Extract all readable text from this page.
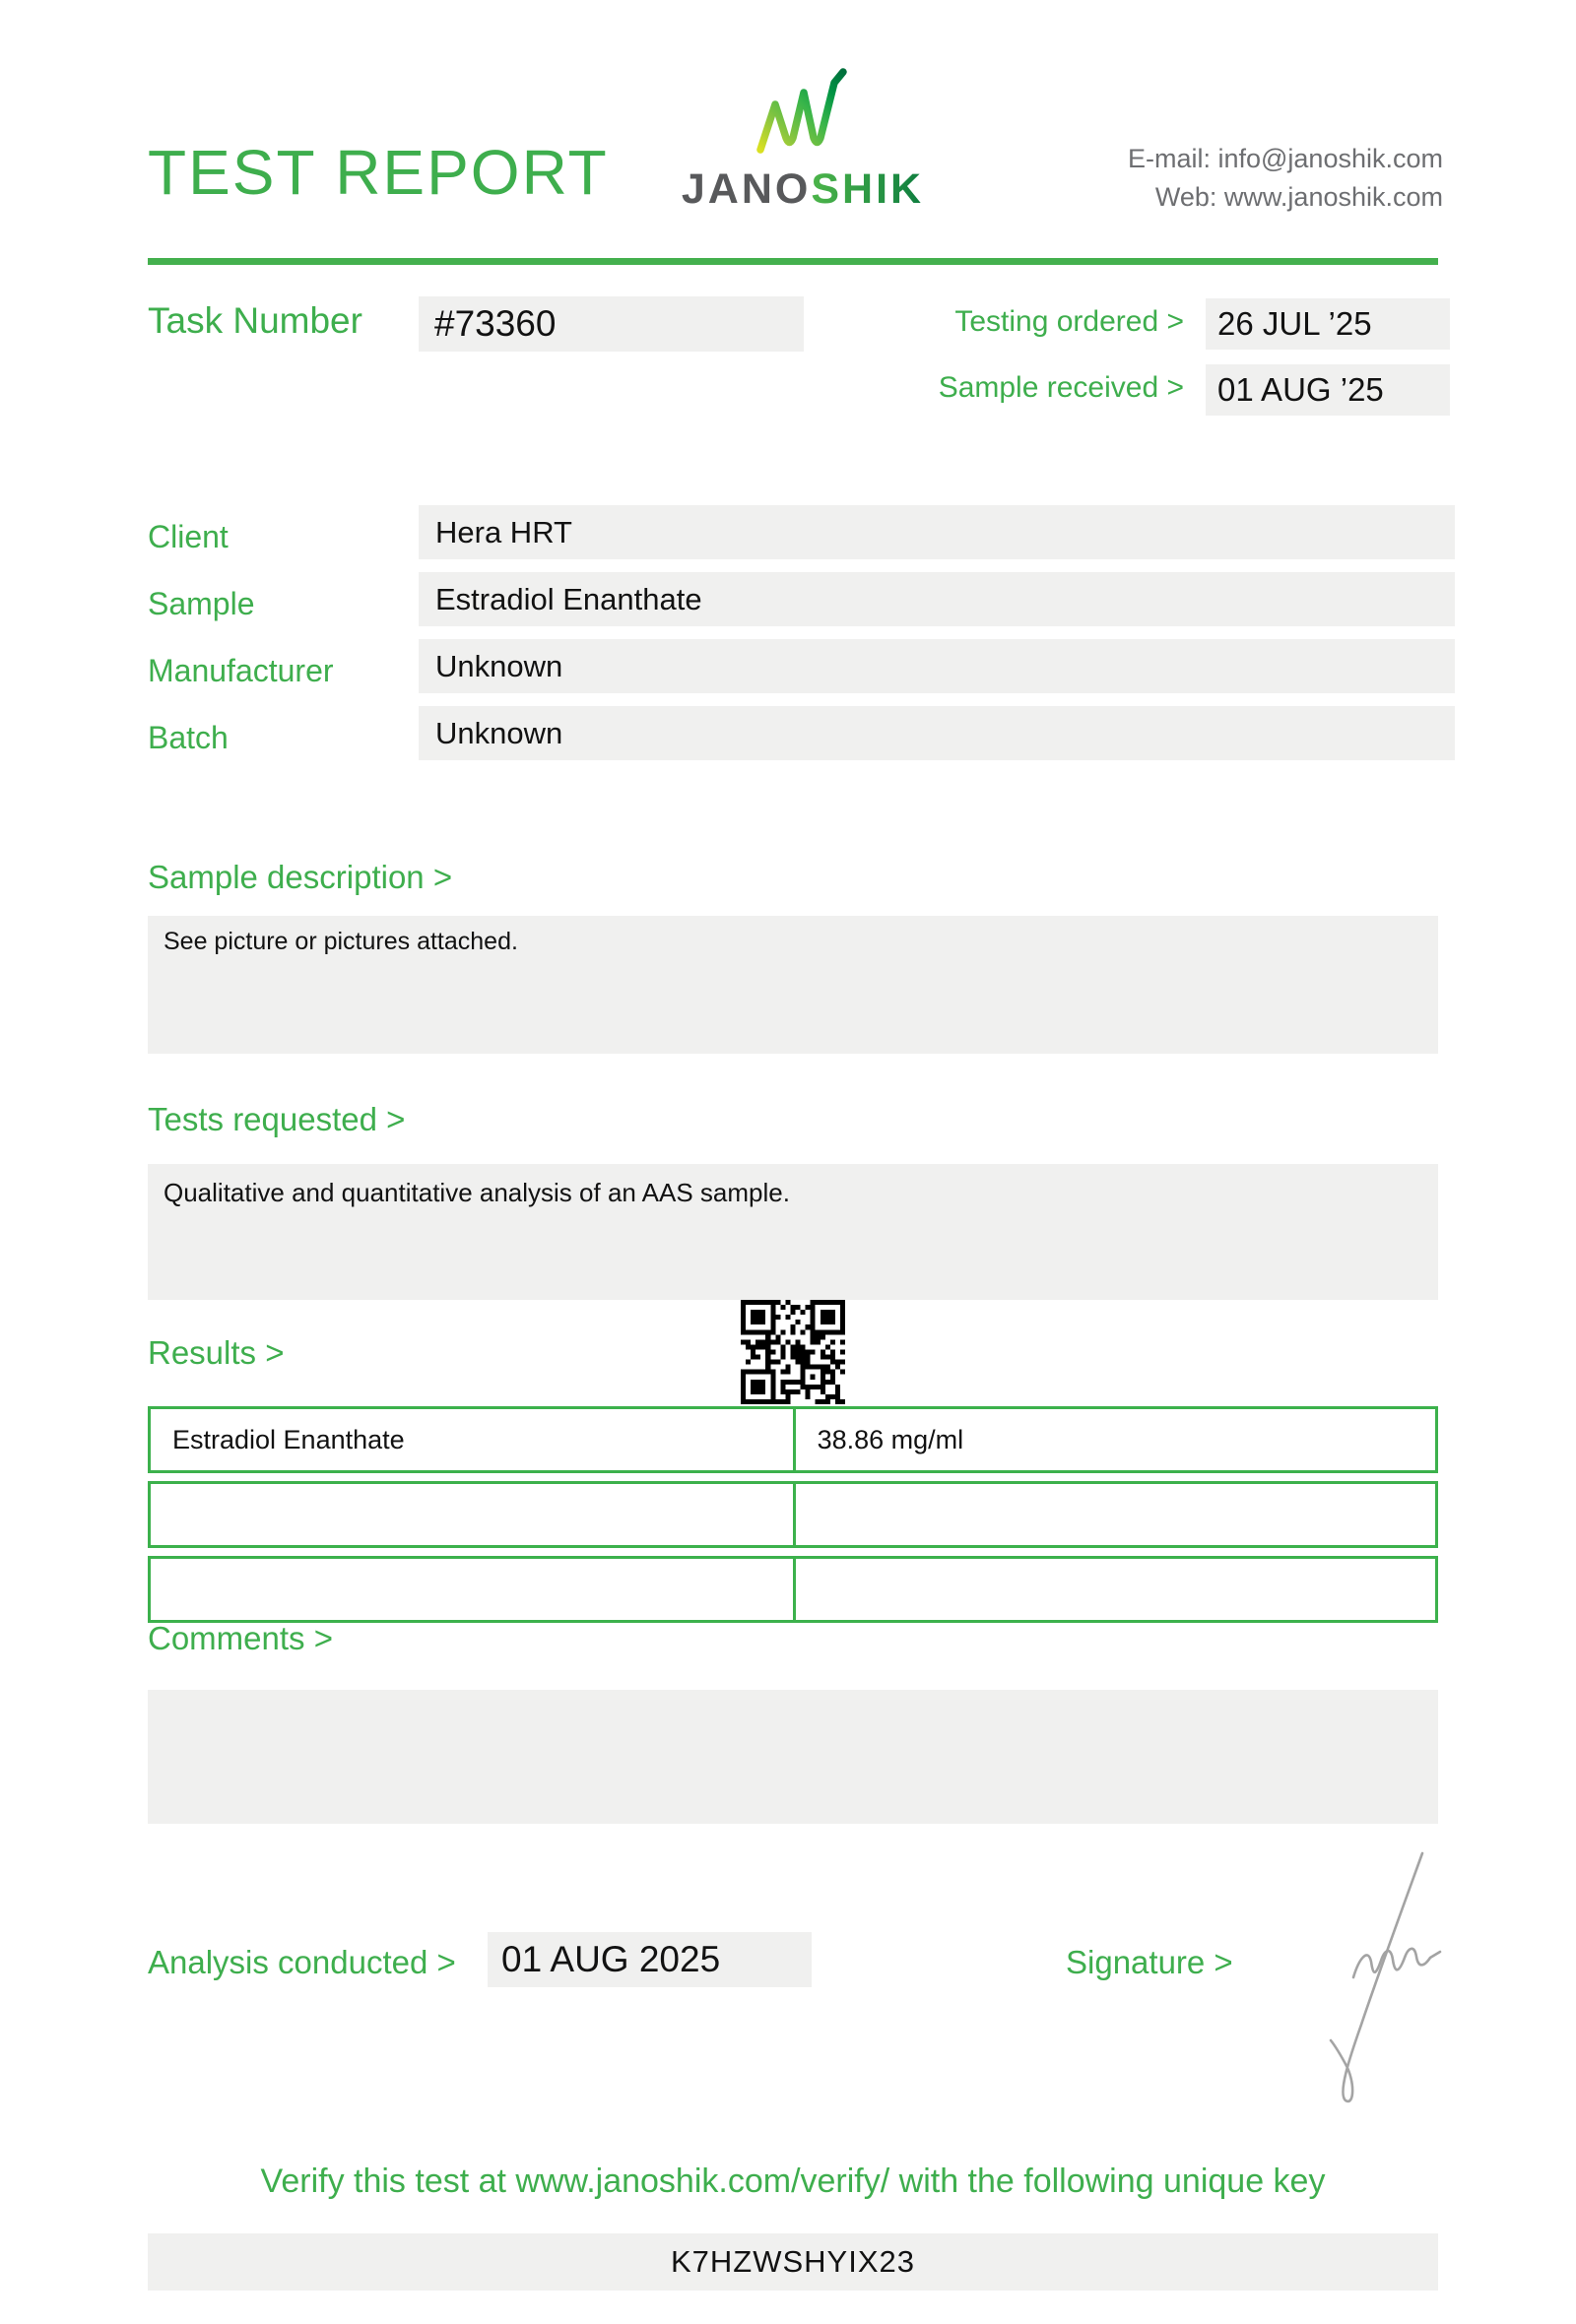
TEST REPORT JANOSHIK
E-mail: info@janoshik.com
Web: www.janoshik.com
Task Number	#73360	Testing ordered >	26 JUL ’25
Sample received >	01 AUG ’25
Client	Hera HRT
Sample	Estradiol Enanthate
Manufacturer	Unknown
Batch	Unknown
Sample description >
See picture or pictures attached.
Tests requested >
Qualitative and quantitative analysis of an AAS sample.
Results >
Estradiol Enanthate	38.86 mg/ml
Comments >
Analysis conducted >	01 AUG 2025	Signature >
Verify this test at www.janoshik.com/verify/ with the following unique key
K7HZWSHYIX23
